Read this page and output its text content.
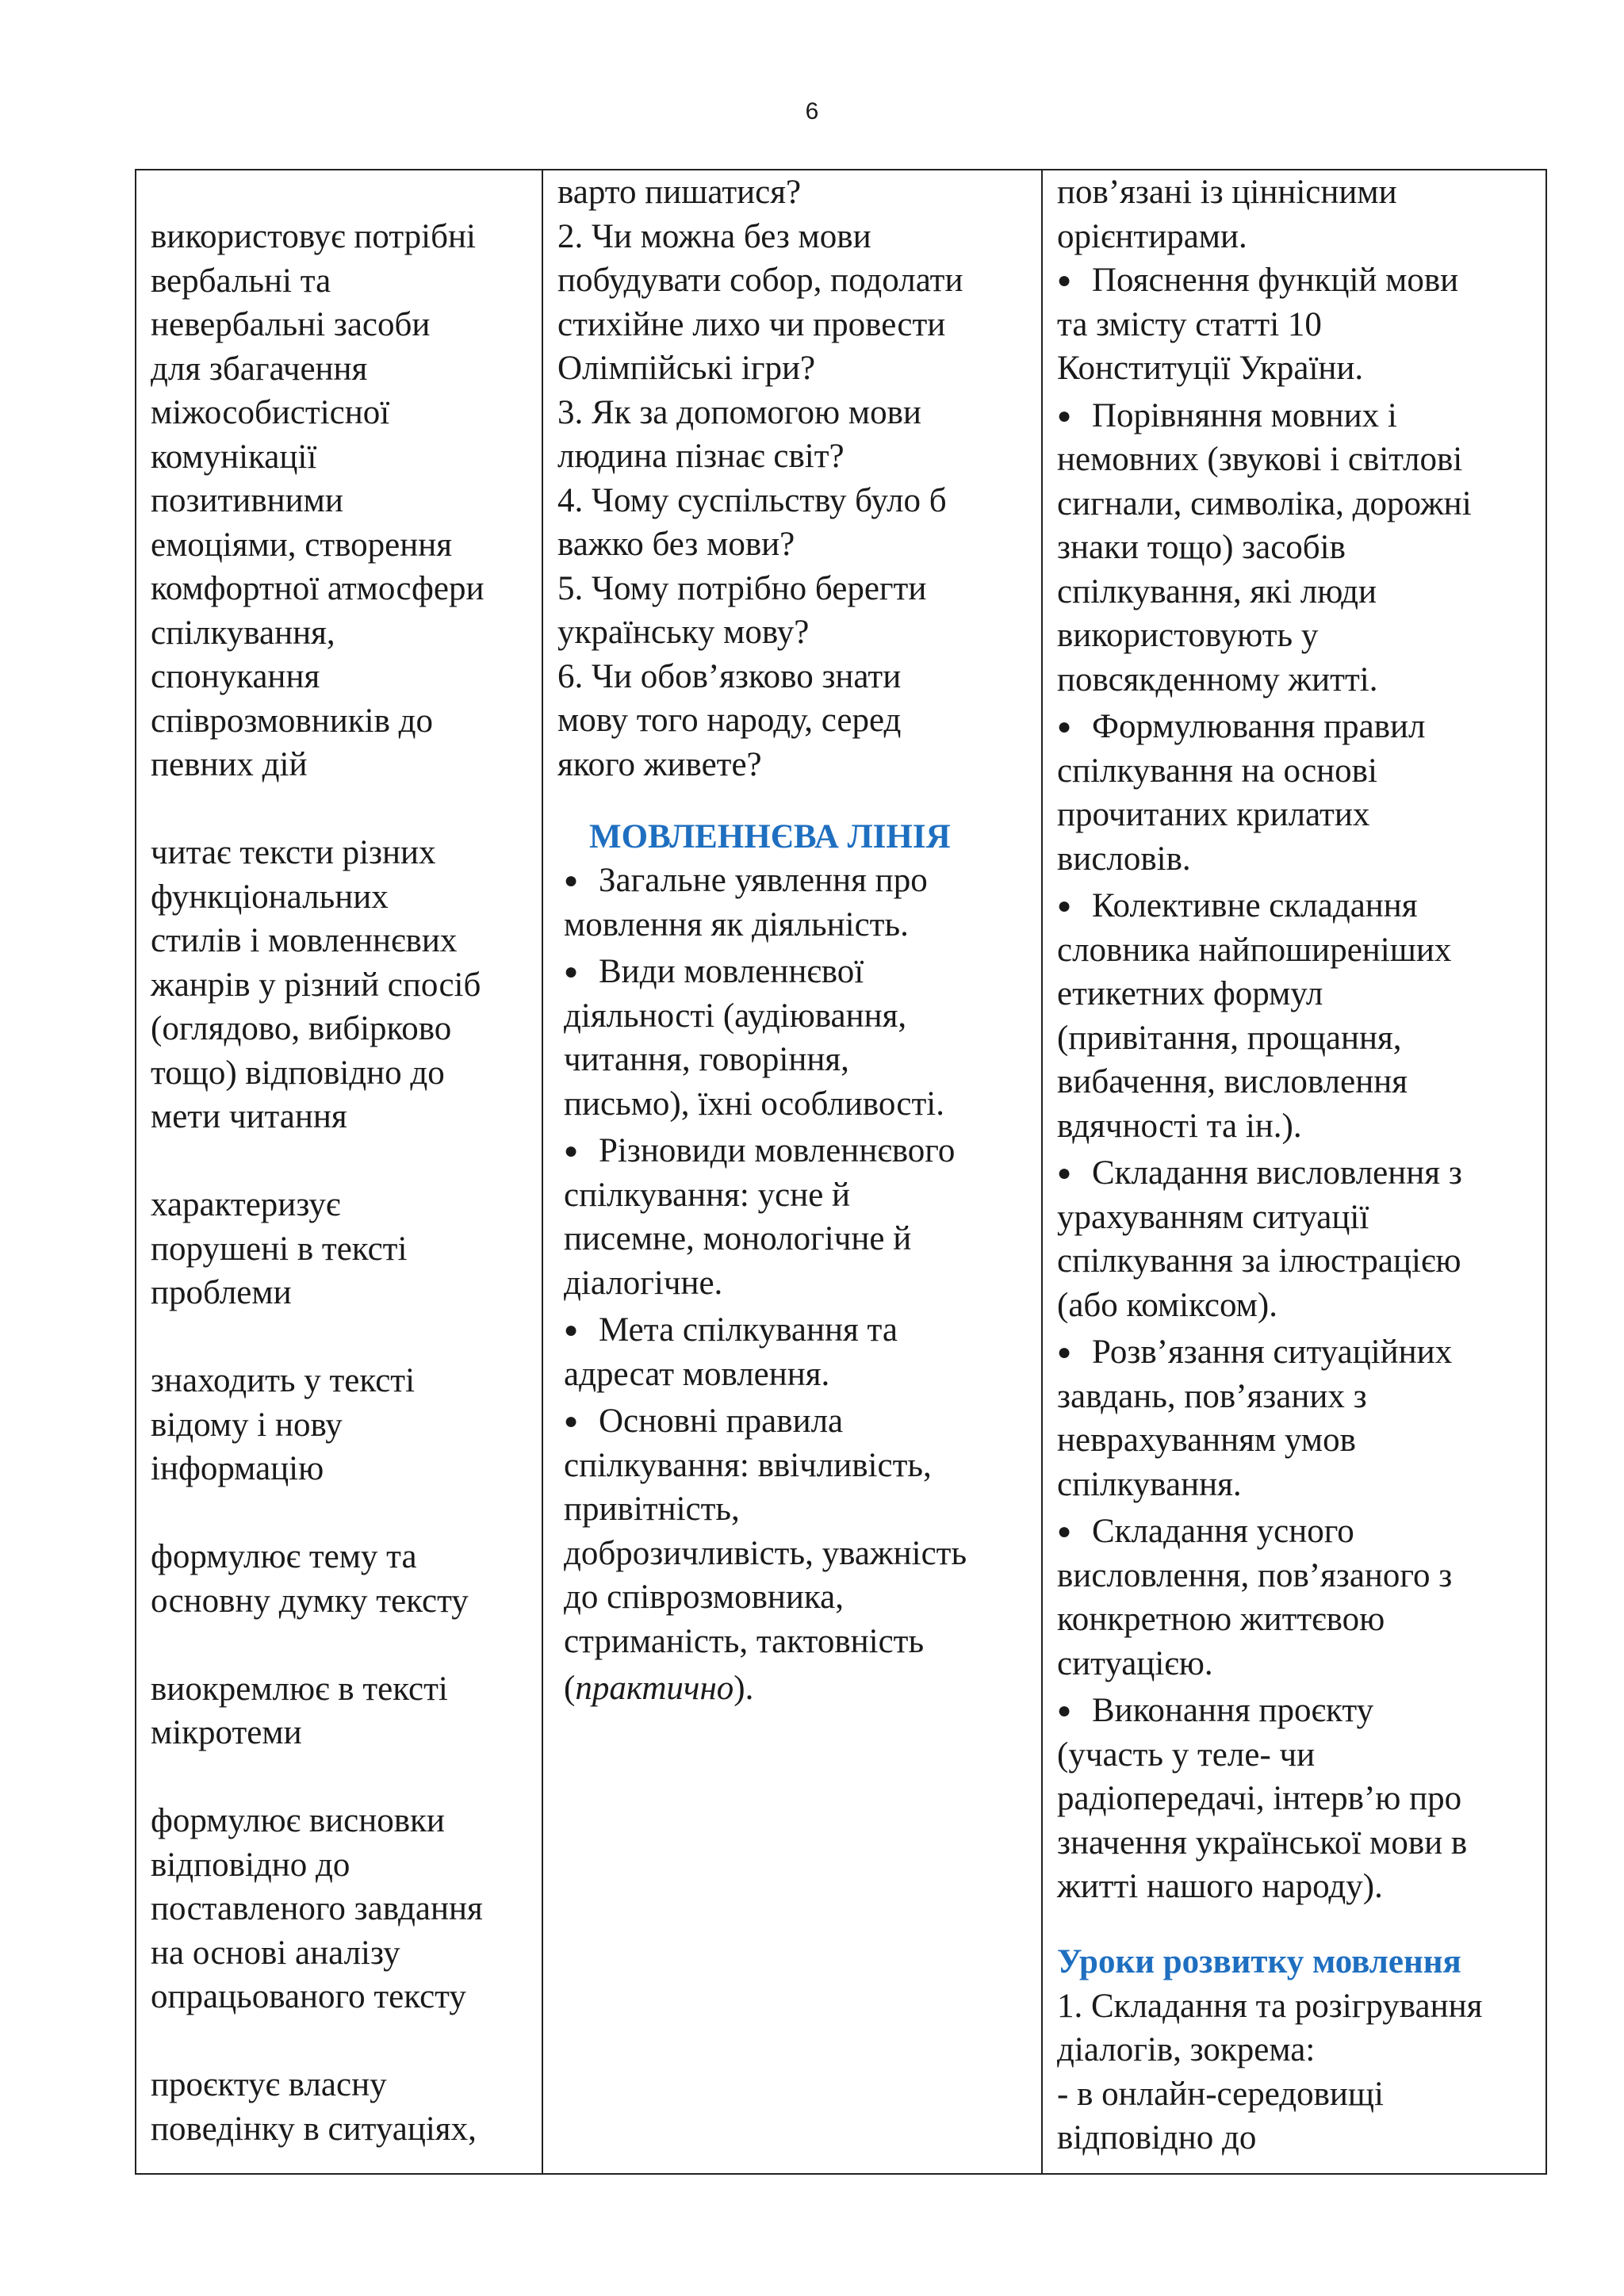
6
використовує потрібні
вербальні та
невербальні засоби
для збагачення
міжособистісної
комунікації
позитивними
емоціями, створення
комфортної атмосфери
спілкування,
спонукання
співрозмовників до
певних дій
читає тексти різних
функціональних
стилів і мовленнєвих
жанрів у різний спосіб
(оглядово, вибірково
тощо) відповідно до
мети читання
характеризує
порушені в тексті
проблеми
знаходить у тексті
відому і нову
інформацію
формулює тему та
основну думку тексту
виокремлює в тексті
мікротеми
формулює висновки
відповідно до
поставленого завдання
на основі аналізу
опрацьованого тексту
проєктує власну
поведінку в ситуаціях,
варто пишатися?
2. Чи можна без мови
побудувати собор, подолати
стихійне лихо чи провести
Олімпійські ігри?
3. Як за допомогою мови
людина пізнає світ?
4. Чому суспільству було б
важко без мови?
5. Чому потрібно берегти
українську мову?
6. Чи обов’язково знати
мову того народу, серед
якого живете?
МОВЛЕННЄВА ЛІНІЯ
● Загальне уявлення про
мовлення як діяльність.
● Види мовленнєвої
діяльності (аудіювання,
читання, говоріння,
письмо), їхні особливості.
● Різновиди мовленнєвого
спілкування: усне й
писемне, монологічне й
діалогічне.
● Мета спілкування та
адресат мовлення.
● Основні правила
спілкування: ввічливість,
привітність,
доброзичливість, уважність
до співрозмовника,
стриманість, тактовність
(практично).
пов’язані із ціннісними
орієнтирами.
● Пояснення функцій мови
та змісту статті 10
Конституції України.
● Порівняння мовних і
немовних (звукові і світлові
сигнали, символіка, дорожні
знаки тощо) засобів
спілкування, які люди
використовують у
повсякденному житті.
● Формулювання правил
спілкування на основі
прочитаних крилатих
висловів.
● Колективне складання
словника найпоширеніших
етикетних формул
(привітання, прощання,
вибачення, висловлення
вдячності та ін.).
● Складання висловлення з
урахуванням ситуації
спілкування за ілюстрацією
(або коміксом).
● Розв’язання ситуаційних
завдань, пов’язаних з
неврахуванням умов
спілкування.
● Складання усного
висловлення, пов’язаного з
конкретною життєвою
ситуацією.
● Виконання проєкту
(участь у теле- чи
радіопередачі, інтерв’ю про
значення української мови в
житті нашого народу).
Уроки розвитку мовлення
1. Складання та розігрування
діалогів, зокрема:
- в онлайн-середовищі
відповідно до
